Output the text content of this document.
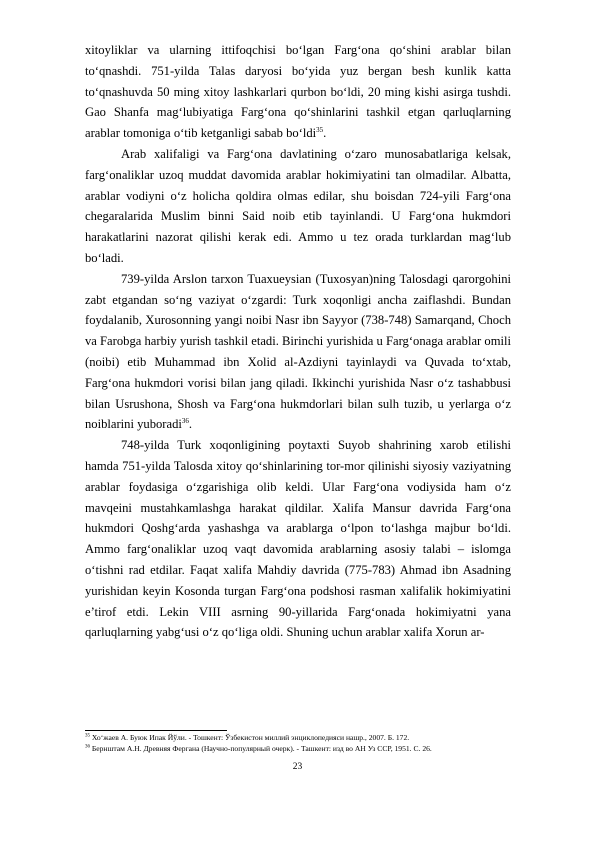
xitoyliklar va ularning ittifoqchisi bo‘lgan Farg‘ona qo‘shini arablar bilan to‘qnashdi. 751-yilda Talas daryosi bo‘yida yuz bergan besh kunlik katta to‘qnashuvda 50 ming xitoy lashkarlari qurbon bo‘ldi, 20 ming kishi asirga tushdi. Gao Shanfa mag‘lubiyatiga Farg‘ona qo‘shinlarini tashkil etgan qarluqlarning arablar tomoniga o‘tib ketganligi sabab bo‘ldi$^{35}$.

Arab xalifaligi va Farg‘ona davlatining o‘zaro munosabatlariga kelsak, farg‘onaliklar uzoq muddat davomida arablar hokimiyatini tan olmadilar. Albatta, arablar vodiyni o‘z holicha qoldira olmas edilar, shu boisdan 724-yili Farg‘ona chegaralarida Muslim binni Said noib etib tayinlandi. U Farg‘ona hukmdori harakatlarini nazorat qilishi kerak edi. Ammo u tez orada turklardan mag‘lub bo‘ladi.

739-yilda Arslon tarxon Tuaxueysian (Tuxosyan)ning Talosdagi qarorgohini zabt etgandan so‘ng vaziyat o‘zgardi: Turk xoqonligi ancha zaiflashdi. Bundan foydalanib, Xurosonning yangi noibi Nasr ibn Sayyor (738-748) Samarqand, Choch va Farobga harbiy yurish tashkil etadi. Birinchi yurishida u Farg‘onaga arablar omili (noibi) etib Muhammad ibn Xolid al-Azdiyni tayinlaydi va Quvada to‘xtab, Farg‘ona hukmdori vorisi bilan jang qiladi. Ikkinchi yurishida Nasr o‘z tashabbusi bilan Usrushona, Shosh va Farg‘ona hukmdorlari bilan sulh tuzib, u yerlarga o‘z noiblarini yuboradi$^{36}$.

748-yilda Turk xoqonligining poytaxti Suyob shahrining xarob etilishi hamda 751-yilda Talosda xitoy qo‘shinlarining tor-mor qilinishi siyosiy vaziyatning arablar foydasiga o‘zgarishiga olib keldi. Ular Farg‘ona vodiysida ham o‘z mavqeini mustahkamlashga harakat qildilar. Xalifa Mansur davrida Farg‘ona hukmdori Qoshg‘arda yashashga va arablarga o‘lpon to‘lashga majbur bo‘ldi. Ammo farg‘onaliklar uzoq vaqt davomida arablarning asosiy talabi – islomga o‘tishni rad etdilar. Faqat xalifa Mahdiy davrida (775-783) Ahmad ibn Asadning yurishidan keyin Kosonda turgan Farg‘ona podshosi rasman xalifalik hokimiyatini e’tirof etdi. Lekin VIII asrning 90-yillarida Farg‘onada hokimiyatni yana qarluqlarning yabg‘usi o‘z qo‘liga oldi. Shuning uchun arablar xalifa Xorun ar-

$^{35}$ Хо‘жаев А. Буюк Ипак Йўли. - Тошкент: Ўзбекистон миллий энциклопедияси нашр., 2007. Б. 172.

$^{36}$ Бернштам А.Н. Древняя Фергана (Научно-популярный очерк). - Ташкент: изд во АН Уз ССР, 1951. С. 26.

23
